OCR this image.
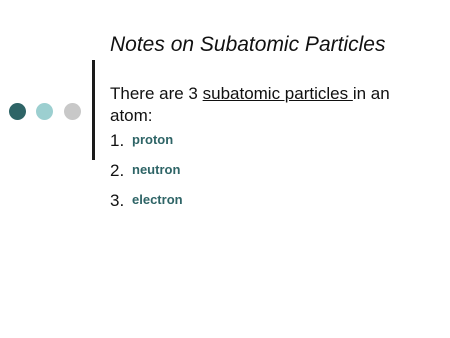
Notes on Subatomic Particles

There are 3 subatomic particles in an atom:

1. proton
2. neutron
3. electron
